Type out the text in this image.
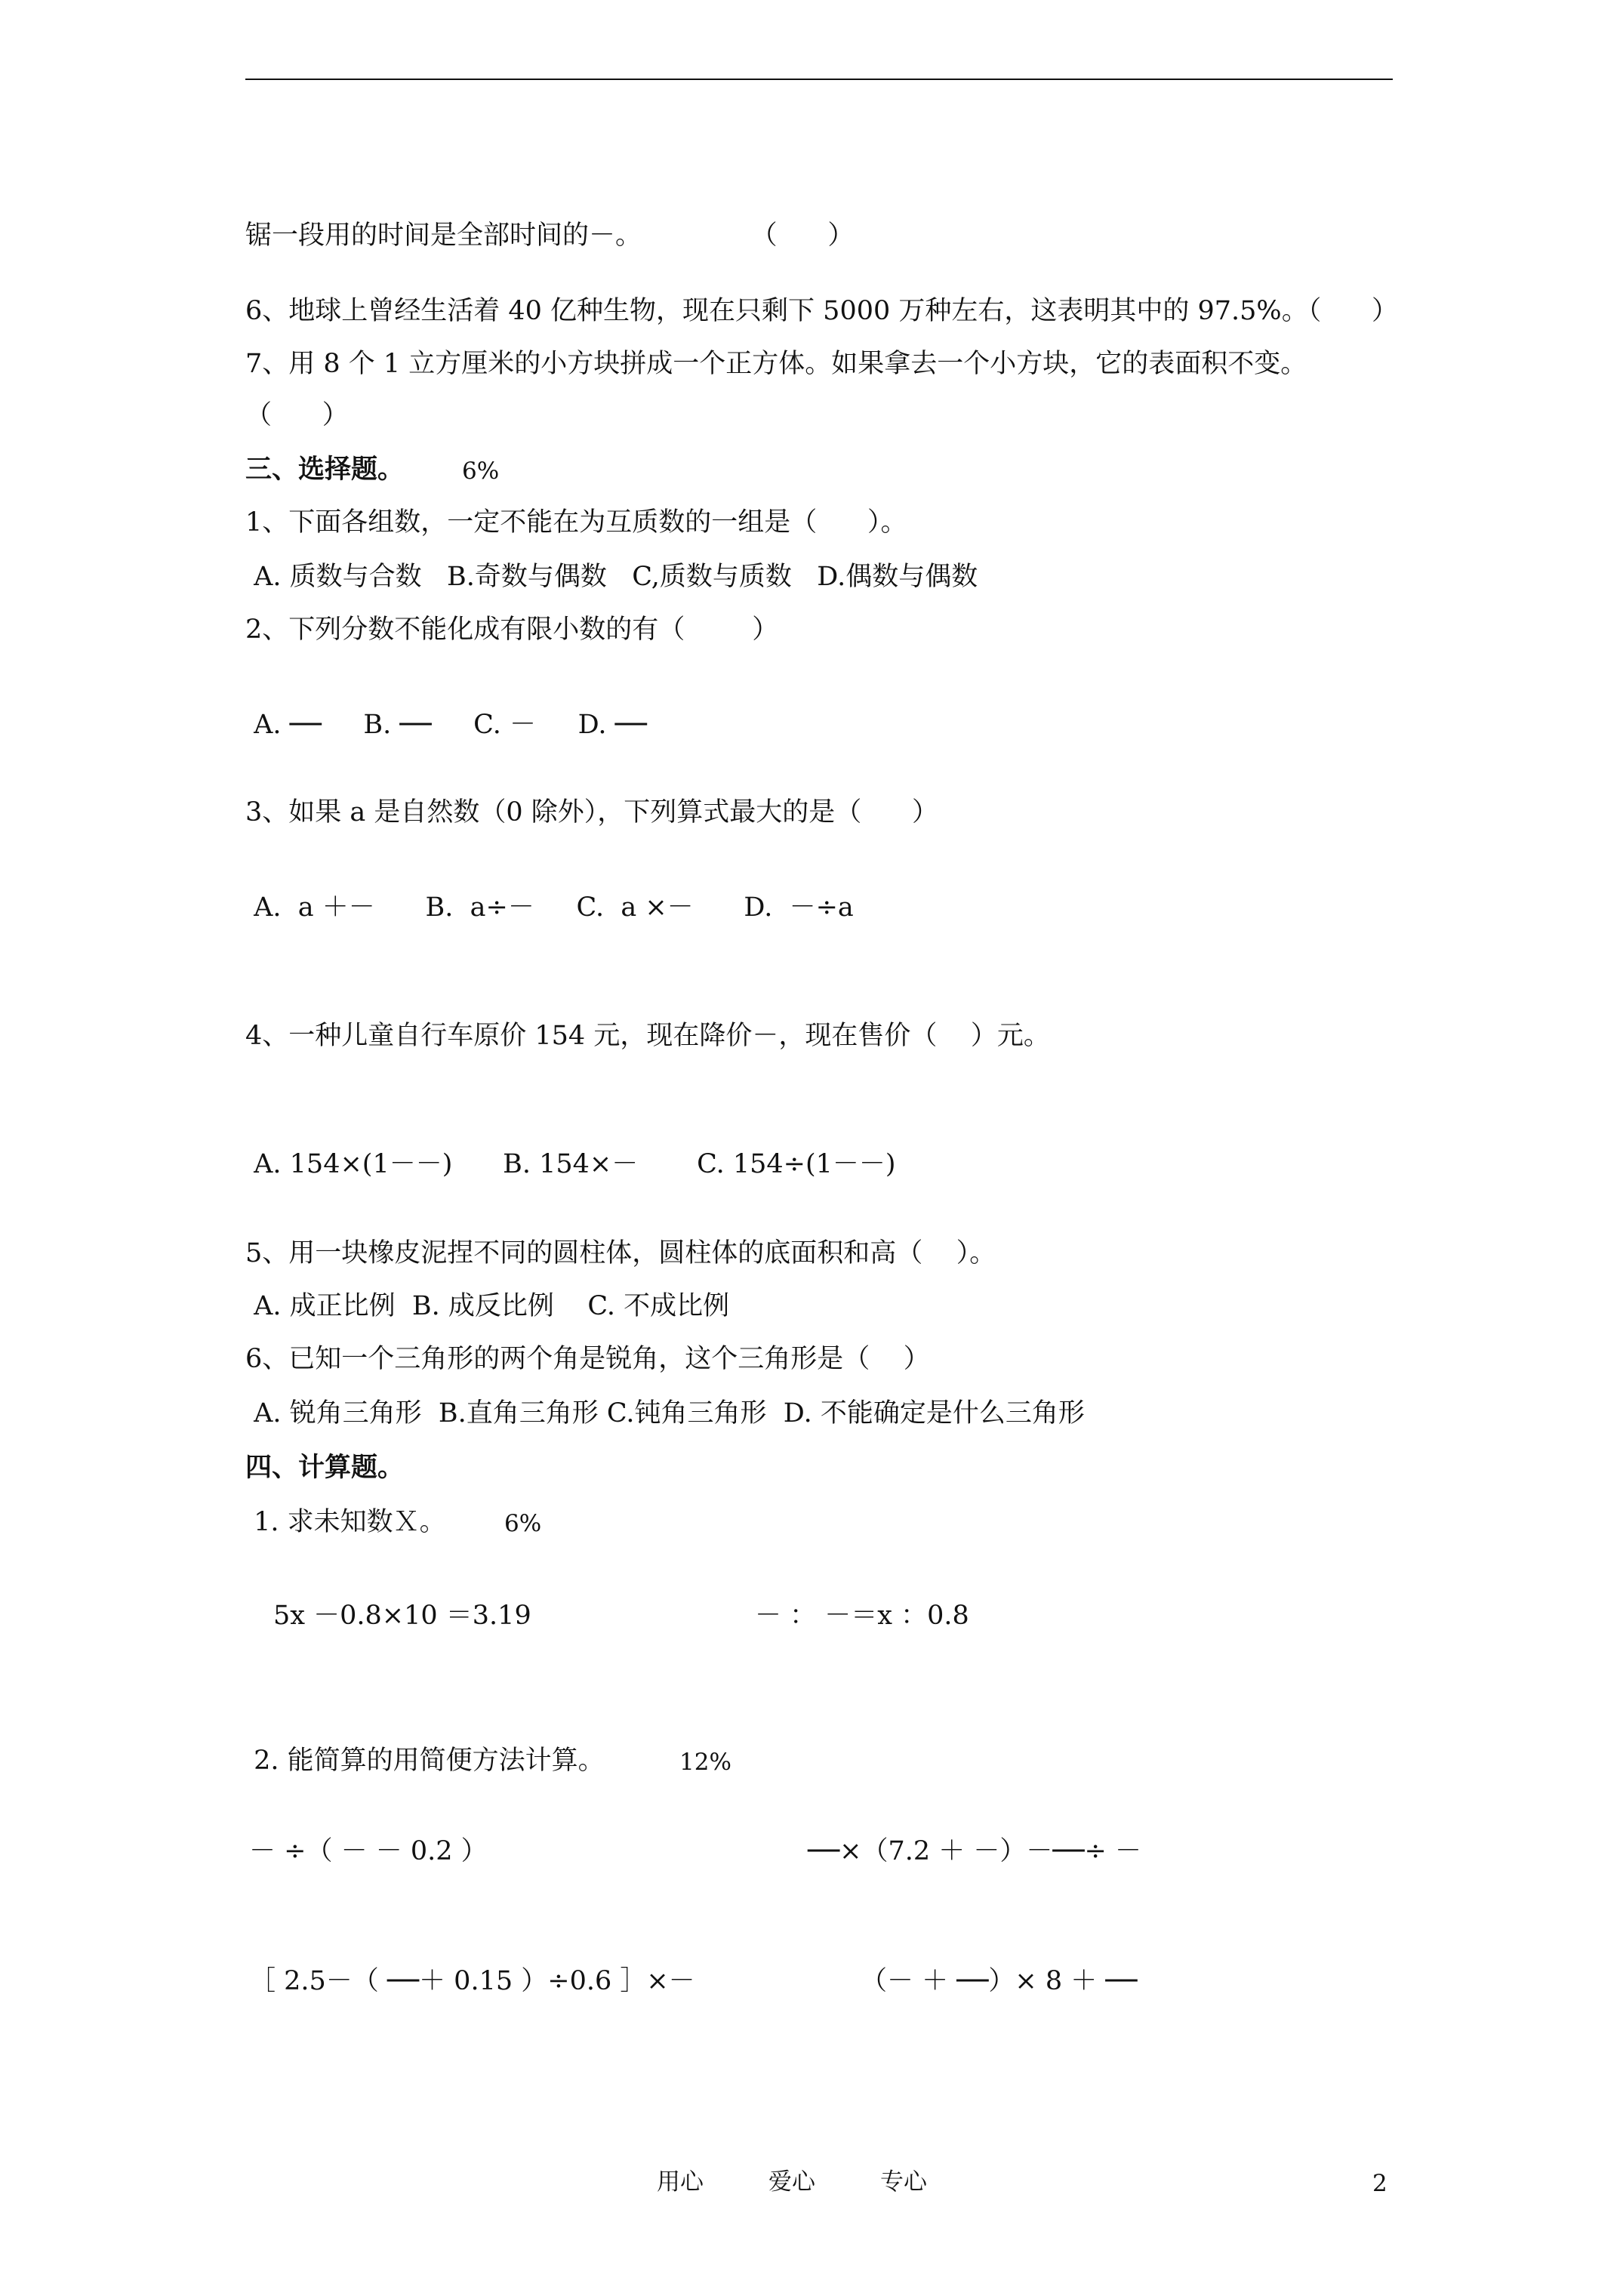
锯一段用的时间是全部时间的－。             （      ）
6、地球上曾经生活着 40 亿种生物，现在只剩下 5000 万种左右，这表明其中的 97.5%。（      ）
7、用 8 个 1 立方厘米的小方块拼成一个正方体。如果拿去一个小方块，它的表面积不变。
（      ）
三、选择题。 6%
1、下面各组数，一定不能在为互质数的一组是（      ）。
A. 质数与合数   B.奇数与偶数   C,质数与质数   D.偶数与偶数
2、下列分数不能化成有限小数的有（        ）
A. ──     B. ──     C. －     D. ──
3、如果 a 是自然数（0 除外），下列算式最大的是（      ）
A.  a ＋－      B.  a÷－     C.  a ×－      D.  －÷a
4、一种儿童自行车原价 154 元，现在降价－，现在售价（    ）元。
A. 154×(1－－)      B. 154×－       C. 154÷(1－－)
5、用一块橡皮泥捏不同的圆柱体，圆柱体的底面积和高（    ）。
A. 成正比例  B. 成反比例    C. 不成比例
6、已知一个三角形的两个角是锐角，这个三角形是（    ）
A. 锐角三角形  B.直角三角形 C.钝角三角形  D. 不能确定是什么三角形
四、计算题。
1. 求未知数Ｘ。 6%
5x －0.8×10 ＝3.19	－ ： －＝x ：0.8
2. 能简算的用简便方法计算。	12%
－ ÷（ － － 0.2 ）	──×（7.2 ＋ －）－──÷ －
［ 2.5－（ ──＋ 0.15 ）÷0.6 ］×－	（－ ＋ ──）× 8 ＋ ──
用心	爱心	专心	2
